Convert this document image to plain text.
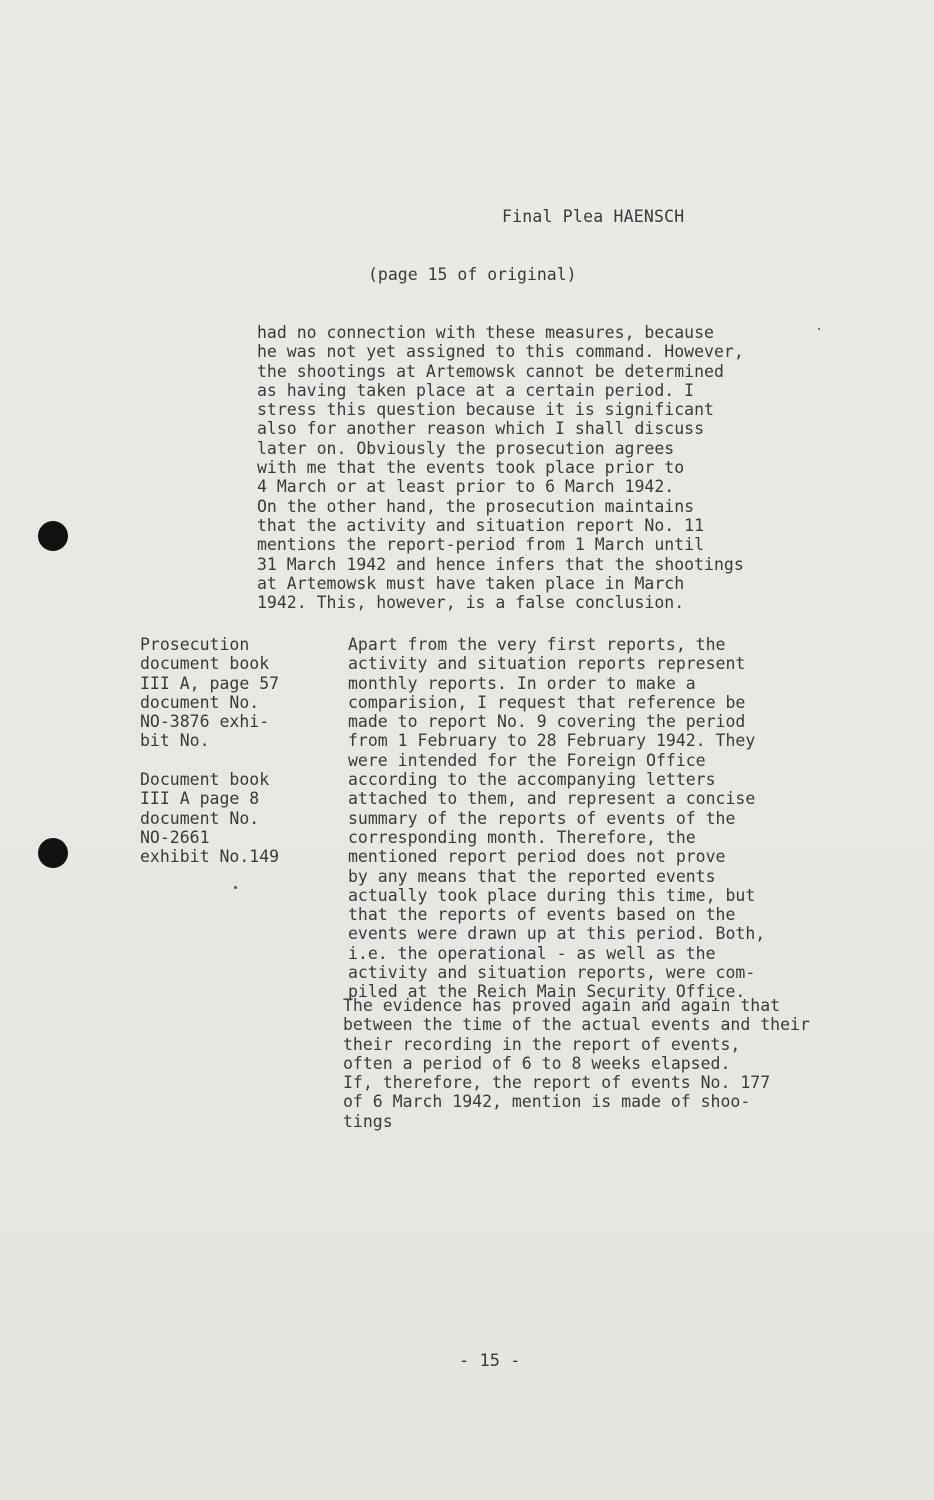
Final Plea HAENSCH
(page 15 of original)
had no connection with these measures, because
he was not yet assigned to this command. However,
the shootings at Artemowsk cannot be determined
as having taken place at a certain period. I
stress this question because it is significant
also for another reason which I shall discuss
later on. Obviously the prosecution agrees
with me that the events took place prior to
4 March or at least prior to 6 March 1942.
On the other hand, the prosecution maintains
that the activity and situation report No. 11
mentions the report-period from 1 March until
31 March 1942 and hence infers that the shootings
at Artemowsk must have taken place in March
1942. This, however, is a false conclusion.
Prosecution
document book
III A, page 57
document No.
NO-3876 exhi-
bit No.
Document book
III A page 8
document No.
NO-2661
exhibit No.149
Apart from the very first reports, the
activity and situation reports represent
monthly reports. In order to make a
comparision, I request that reference be
made to report No. 9 covering the period
from 1 February to 28 February 1942. They
were intended for the Foreign Office
according to the accompanying letters
attached to them, and represent a concise
summary of the reports of events of the
corresponding month. Therefore, the
mentioned report period does not prove
by any means that the reported events
actually took place during this time, but
that the reports of events based on the
events were drawn up at this period. Both,
i.e. the operational - as well as the
activity and situation reports, were com-
piled at the Reich Main Security Office.
The evidence has proved again and again that
between the time of the actual events and their
their recording in the report of events,
often a period of 6 to 8 weeks elapsed.
If, therefore, the report of events No. 177
of 6 March 1942, mention is made of shoo-
tings
- 15 -
